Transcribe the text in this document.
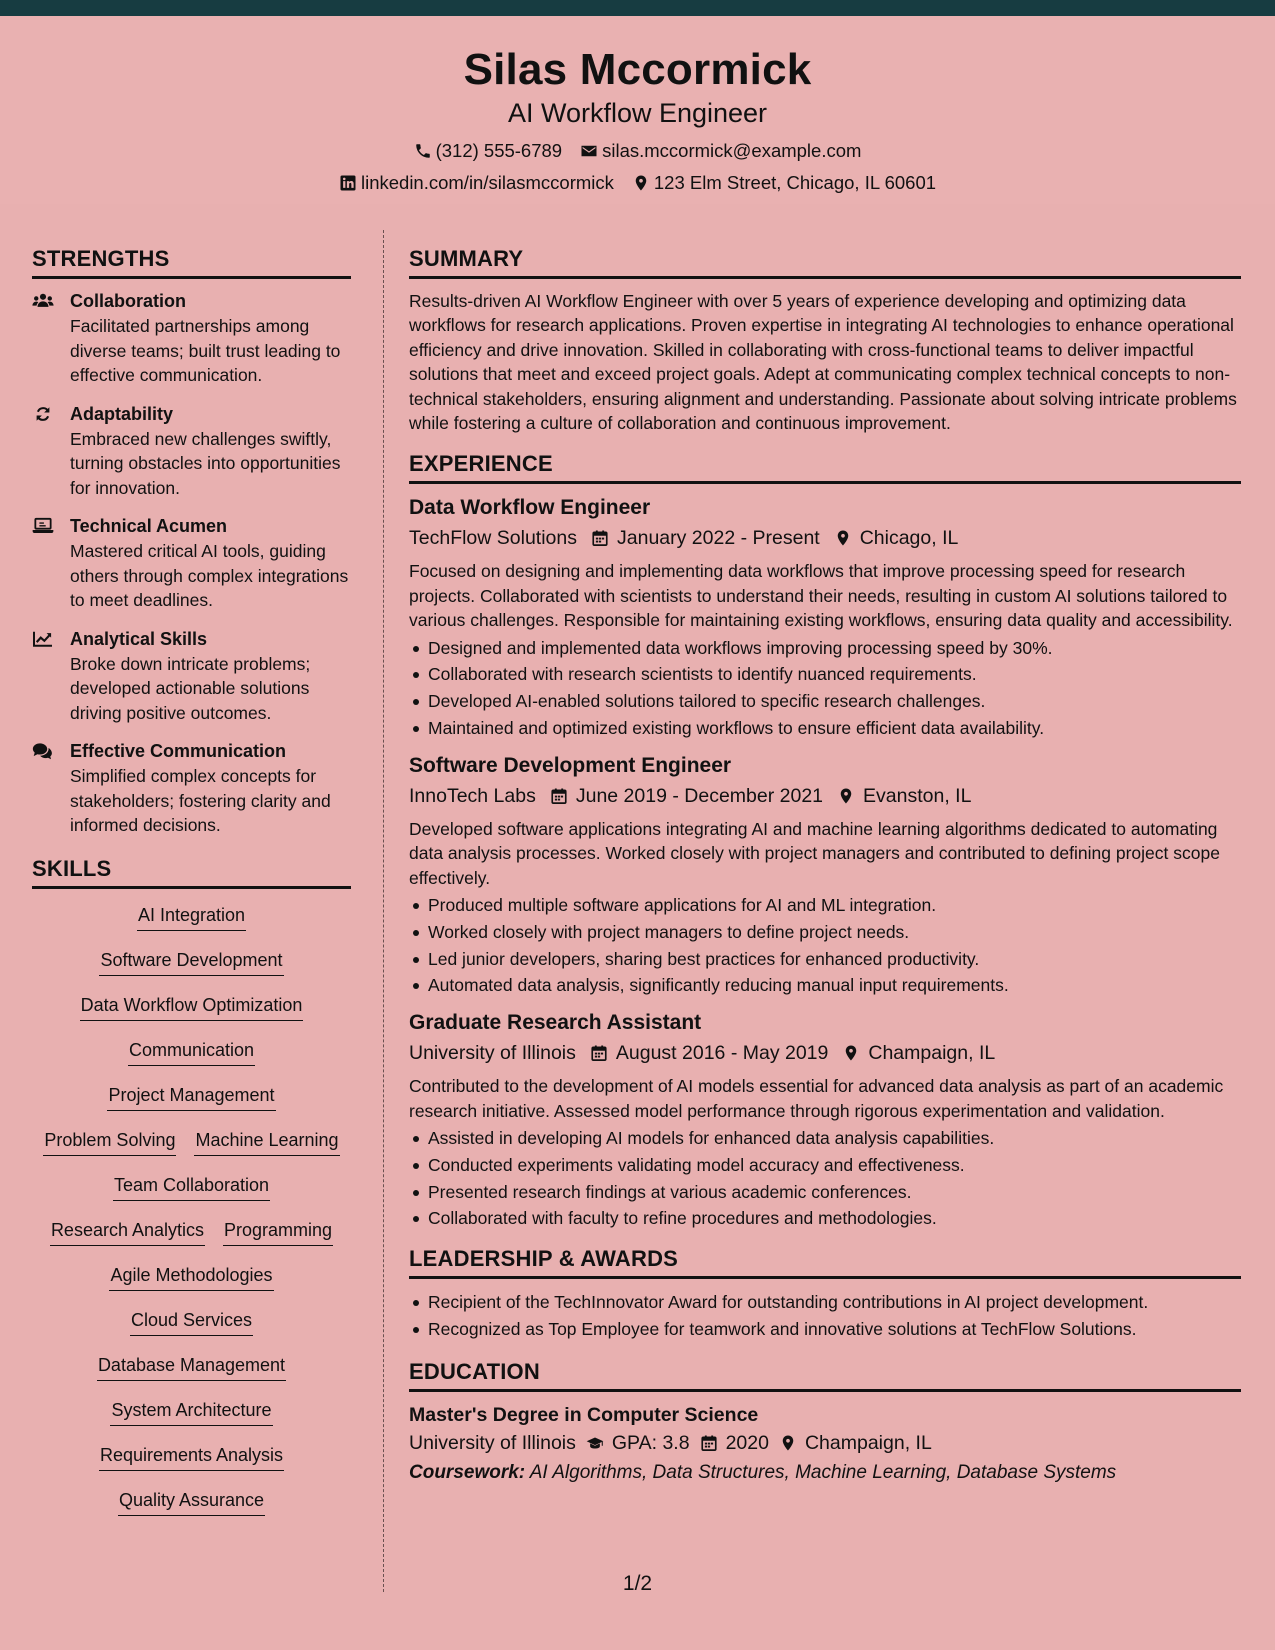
Silas Mccormick
AI Workflow Engineer
(312) 555-6789 silas.mccormick@example.com
linkedin.com/in/silasmccormick 123 Elm Street, Chicago, IL 60601
STRENGTHS
Collaboration
Facilitated partnerships among diverse teams; built trust leading to effective communication.
Adaptability
Embraced new challenges swiftly, turning obstacles into opportunities for innovation.
Technical Acumen
Mastered critical AI tools, guiding others through complex integrations to meet deadlines.
Analytical Skills
Broke down intricate problems; developed actionable solutions driving positive outcomes.
Effective Communication
Simplified complex concepts for stakeholders; fostering clarity and informed decisions.
SKILLS
AI Integration
Software Development
Data Workflow Optimization
Communication
Project Management
Problem Solving Machine Learning
Team Collaboration
Research Analytics Programming
Agile Methodologies
Cloud Services
Database Management
System Architecture
Requirements Analysis
Quality Assurance
SUMMARY
Results-driven AI Workflow Engineer with over 5 years of experience developing and optimizing data workflows for research applications. Proven expertise in integrating AI technologies to enhance operational efficiency and drive innovation. Skilled in collaborating with cross-functional teams to deliver impactful solutions that meet and exceed project goals. Adept at communicating complex technical concepts to non-technical stakeholders, ensuring alignment and understanding. Passionate about solving intricate problems while fostering a culture of collaboration and continuous improvement.
EXPERIENCE
Data Workflow Engineer
TechFlow Solutions January 2022 - Present Chicago, IL
Focused on designing and implementing data workflows that improve processing speed for research projects. Collaborated with scientists to understand their needs, resulting in custom AI solutions tailored to various challenges. Responsible for maintaining existing workflows, ensuring data quality and accessibility.
Designed and implemented data workflows improving processing speed by 30%.
Collaborated with research scientists to identify nuanced requirements.
Developed AI-enabled solutions tailored to specific research challenges.
Maintained and optimized existing workflows to ensure efficient data availability.
Software Development Engineer
InnoTech Labs June 2019 - December 2021 Evanston, IL
Developed software applications integrating AI and machine learning algorithms dedicated to automating data analysis processes. Worked closely with project managers and contributed to defining project scope effectively.
Produced multiple software applications for AI and ML integration.
Worked closely with project managers to define project needs.
Led junior developers, sharing best practices for enhanced productivity.
Automated data analysis, significantly reducing manual input requirements.
Graduate Research Assistant
University of Illinois August 2016 - May 2019 Champaign, IL
Contributed to the development of AI models essential for advanced data analysis as part of an academic research initiative. Assessed model performance through rigorous experimentation and validation.
Assisted in developing AI models for enhanced data analysis capabilities.
Conducted experiments validating model accuracy and effectiveness.
Presented research findings at various academic conferences.
Collaborated with faculty to refine procedures and methodologies.
LEADERSHIP & AWARDS
Recipient of the TechInnovator Award for outstanding contributions in AI project development.
Recognized as Top Employee for teamwork and innovative solutions at TechFlow Solutions.
EDUCATION
Master's Degree in Computer Science
University of Illinois GPA: 3.8 2020 Champaign, IL
Coursework: AI Algorithms, Data Structures, Machine Learning, Database Systems
1/2
